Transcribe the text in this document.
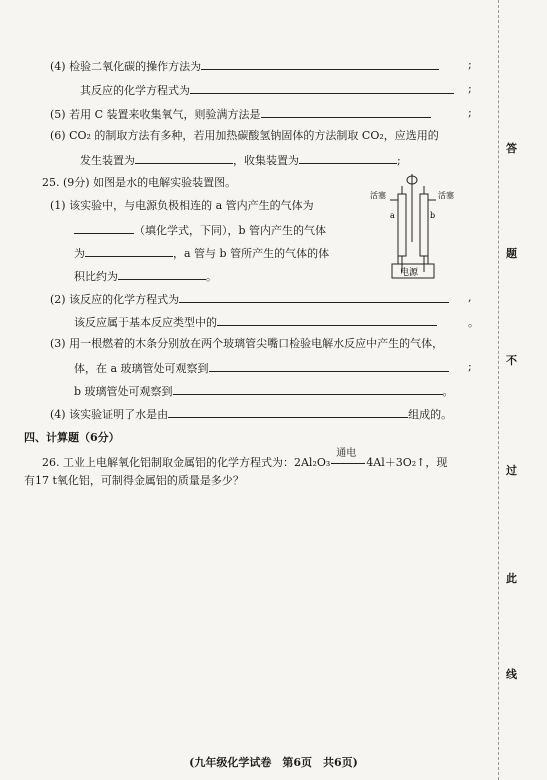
(4) 检验二氧化碳的操作方法为	;
其反应的化学方程式为	;
(5) 若用 C 装置来收集氧气，则验满方法是	;
(6) CO₂ 的制取方法有多种，若用加热碳酸氢钠固体的方法制取 CO₂，应选用的
发生装置为	，收集装置为	;
25. (9分) 如图是水的电解实验装置图。
(1) 该实验中，与电源负极相连的 a 管内产生的气体为
（填化学式，下同），b 管内产生的气体
为	，a 管与 b 管所产生的气体的体
积比约为	。	电源
活塞	活塞
a	b
(2) 该反应的化学方程式为	,
该反应属于基本反应类型中的	。
(3) 用一根燃着的木条分别放在两个玻璃管尖嘴口检验电解水反应中产生的气体，
体，在 a 玻璃管处可观察到	;
b 玻璃管处可观察到	。
(4) 该实验证明了水是由	组成的。
四、计算题（6分）
26. 工业上电解氧化铝制取金属铝的化学方程式为：2Al₂O₃
通电
4Al＋3O₂↑，现
有17 t氧化铝，可制得金属铝的质量是多少？
答
题
不
过
此
线
(九年级化学试卷　第6页　共6页)
